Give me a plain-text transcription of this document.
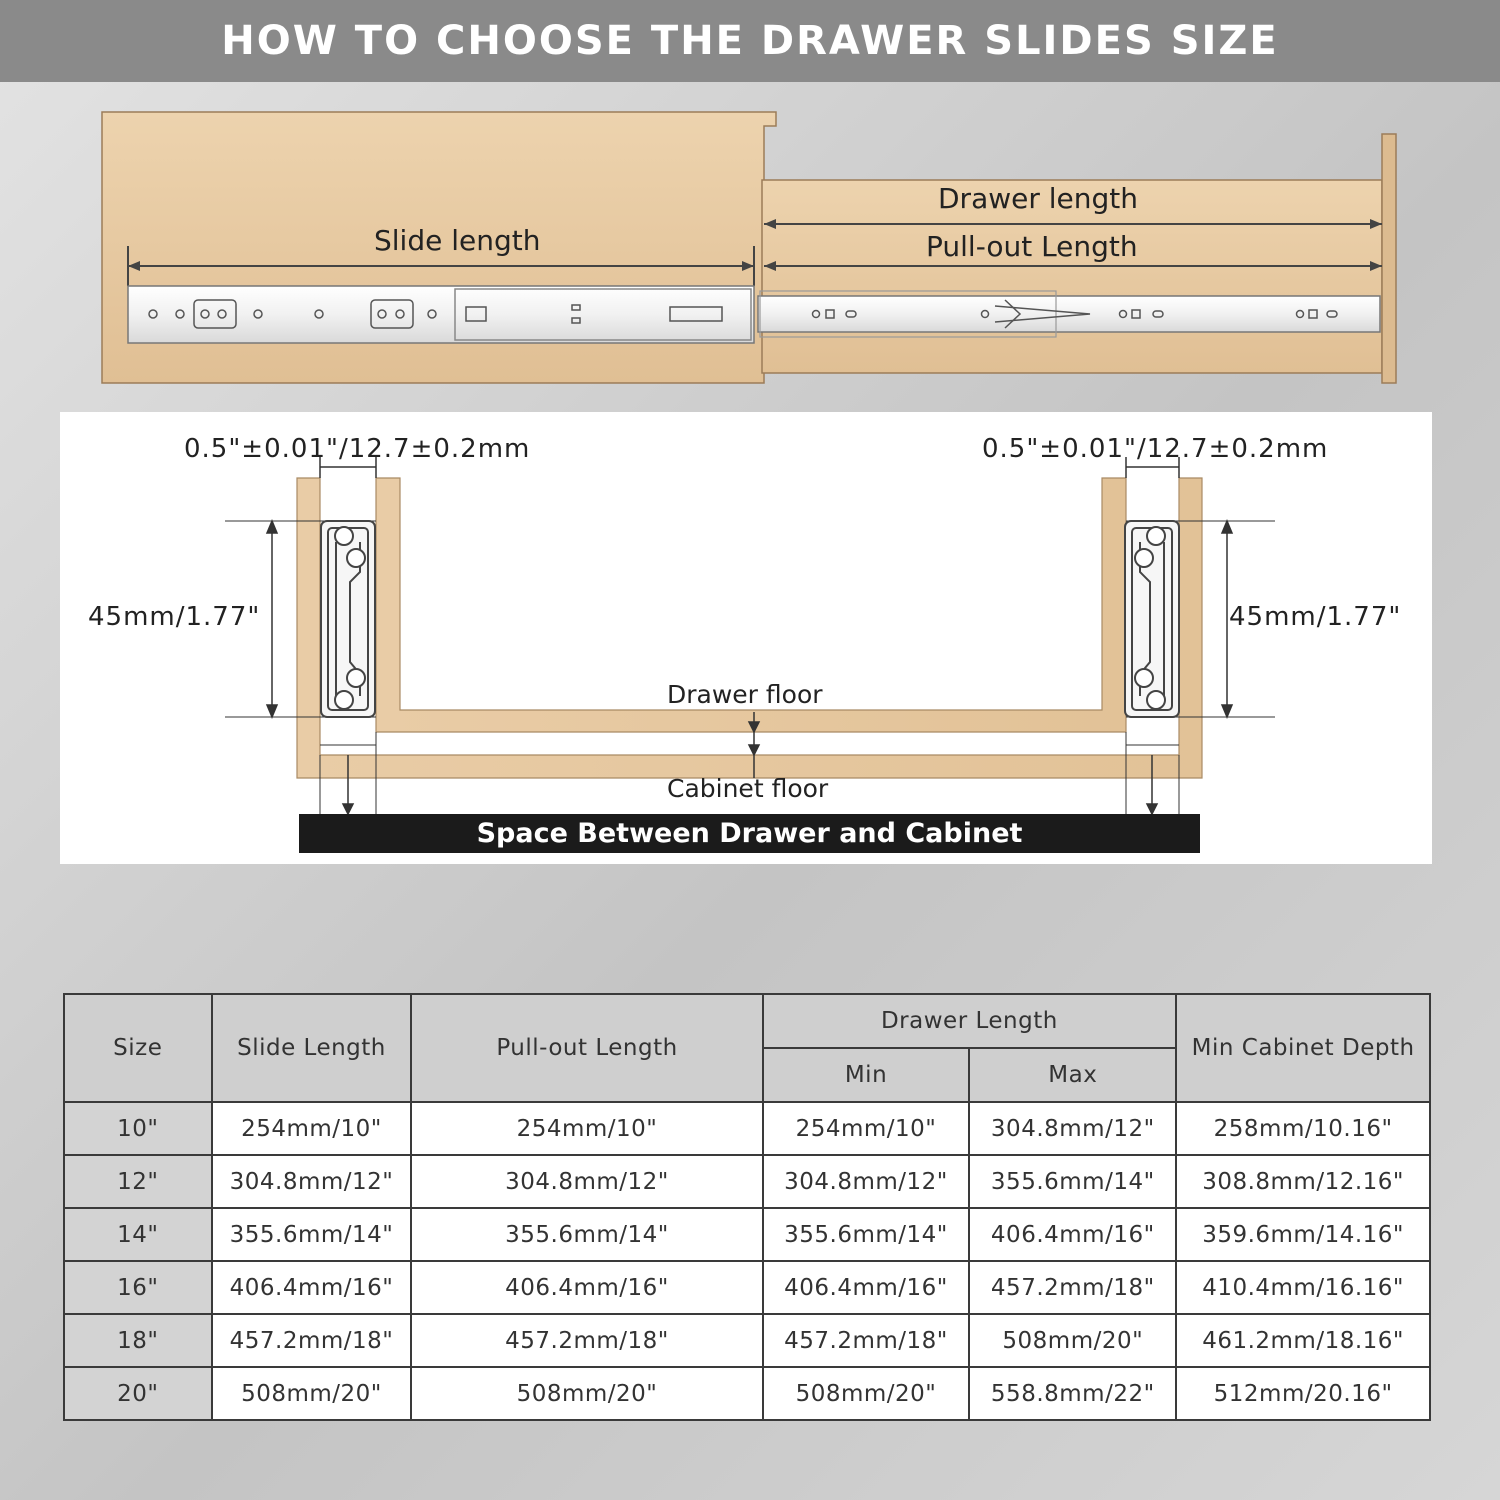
HOW TO CHOOSE THE DRAWER SLIDES SIZE
Slide length
Drawer length
Pull-out Length
0.5"±0.01"/12.7±0.2mm	0.5"±0.01"/12.7±0.2mm
45mm/1.77"	45mm/1.77"
Drawer floor
Cabinet floor
Space Between Drawer and Cabinet
Size	Slide Length	Pull-out Length	Drawer Length		Min Cabinet Depth
			Min	Max	
10"	254mm/10"	254mm/10"	254mm/10"	304.8mm/12"	258mm/10.16"
12"	304.8mm/12"	304.8mm/12"	304.8mm/12"	355.6mm/14"	308.8mm/12.16"
14"	355.6mm/14"	355.6mm/14"	355.6mm/14"	406.4mm/16"	359.6mm/14.16"
16"	406.4mm/16"	406.4mm/16"	406.4mm/16"	457.2mm/18"	410.4mm/16.16"
18"	457.2mm/18"	457.2mm/18"	457.2mm/18"	508mm/20"	461.2mm/18.16"
20"	508mm/20"	508mm/20"	508mm/20"	558.8mm/22"	512mm/20.16"
